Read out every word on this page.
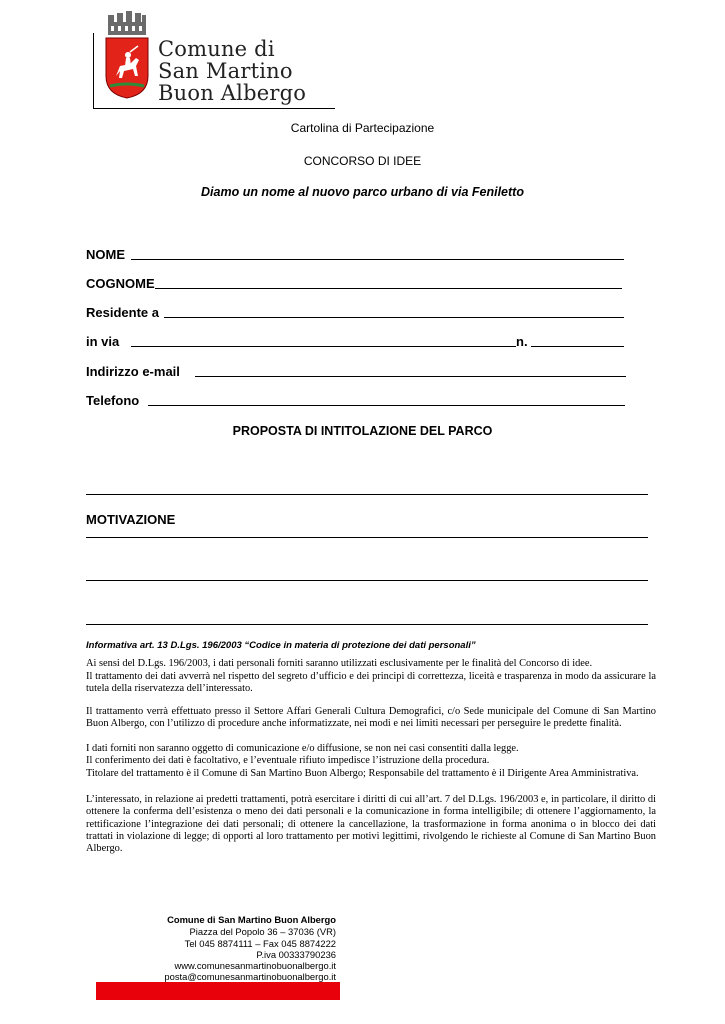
Comune di
San Martino
Buon Albergo
Cartolina di Partecipazione
CONCORSO DI IDEE
Diamo un nome al nuovo parco urbano di via Feniletto
NOME
COGNOME
Residente a
in via	n.
Indirizzo e-mail
Telefono
PROPOSTA DI INTITOLAZIONE DEL PARCO
MOTIVAZIONE
Informativa art. 13 D.Lgs. 196/2003 “Codice in materia di protezione dei dati personali”

Ai sensi del D.Lgs. 196/2003, i dati personali forniti saranno utilizzati esclusivamente per le finalità del Concorso di idee.

Il trattamento dei dati avverrà nel rispetto del segreto d’ufficio e dei principi di correttezza, liceità e trasparenza in modo da assicurare la tutela della riservatezza dell’interessato.

Il trattamento verrà effettuato presso il Settore Affari Generali Cultura Demografici, c/o Sede municipale del Comune di San Martino Buon Albergo, con l’utilizzo di procedure anche informatizzate, nei modi e nei limiti necessari per perseguire le predette finalità.

I dati forniti non saranno oggetto di comunicazione e/o diffusione, se non nei casi consentiti dalla legge.

Il conferimento dei dati è facoltativo, e l’eventuale rifiuto impedisce l’istruzione della procedura.

Titolare del trattamento è il Comune di San Martino Buon Albergo; Responsabile del trattamento è il Dirigente Area Amministrativa.

L’interessato, in relazione ai predetti trattamenti, potrà esercitare i diritti di cui all’art. 7 del D.Lgs. 196/2003 e, in particolare, il diritto di ottenere la conferma dell’esistenza o meno dei dati personali e la comunicazione in forma intelligibile; di ottenere l’aggiornamento, la rettificazione l’integrazione dei dati personali; di ottenere la cancellazione, la trasformazione in forma anonima o in blocco dei dati trattati in violazione di legge; di opporti al loro trattamento per motivi legittimi, rivolgendo le richieste al Comune di San Martino Buon Albergo.

Comune di San Martino Buon Albergo
Piazza del Popolo 36 – 37036 (VR)
Tel 045 8874111 – Fax 045 8874222
P.iva 00333790236
www.comunesanmartinobuonalbergo.it
posta@comunesanmartinobuonalbergo.it
